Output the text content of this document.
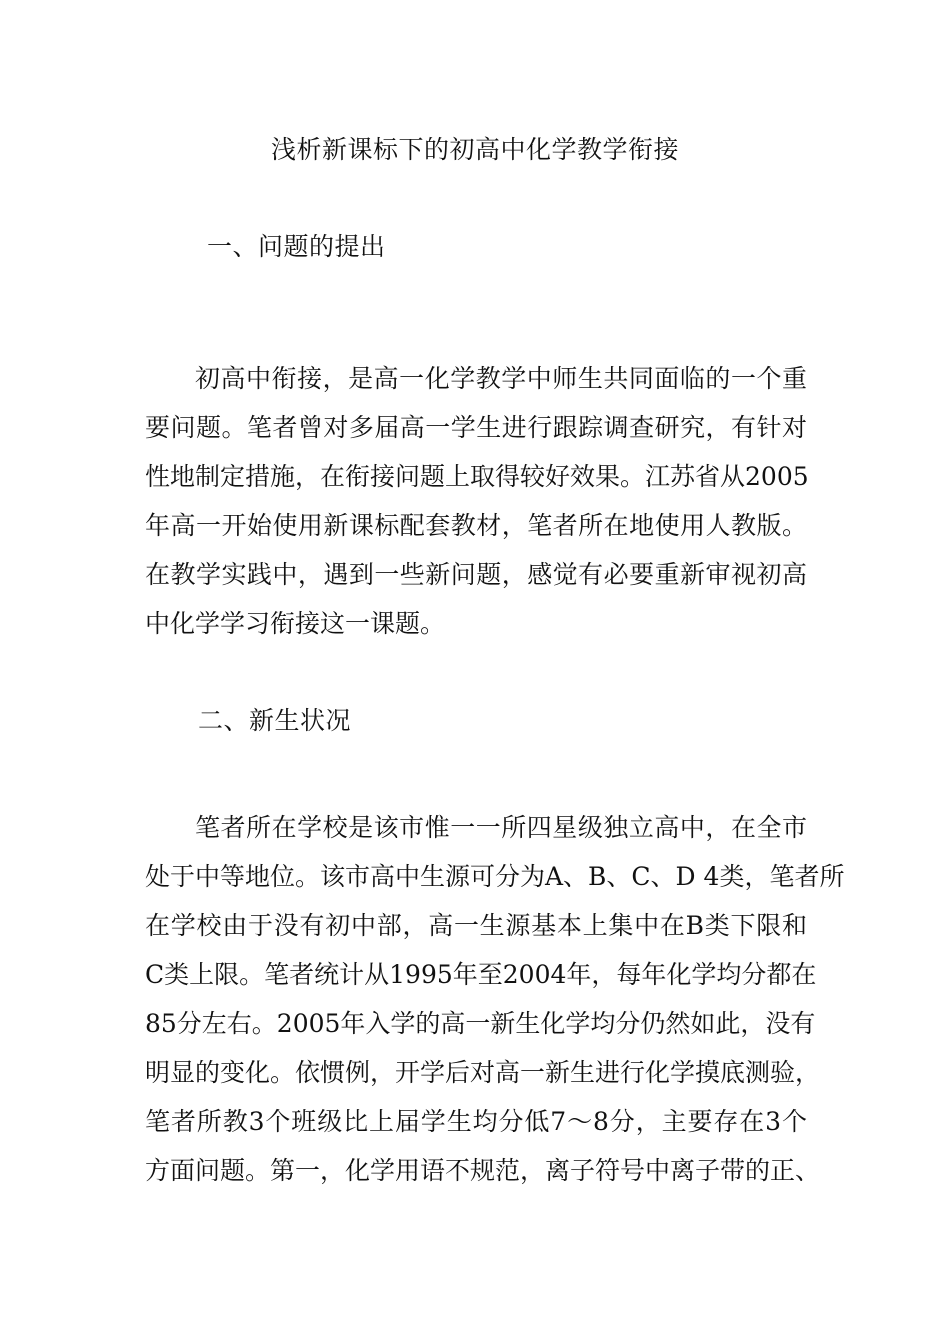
浅析新课标下的初高中化学教学衔接
一、问题的提出
初高中衔接，是高一化学教学中师生共同面临的一个重
要问题。笔者曾对多届高一学生进行跟踪调查研究，有针对
性地制定措施，在衔接问题上取得较好效果。江苏省从2005
年高一开始使用新课标配套教材，笔者所在地使用人教版。
在教学实践中，遇到一些新问题，感觉有必要重新审视初高
中化学学习衔接这一课题。
二、新生状况
笔者所在学校是该市惟一一所四星级独立高中，在全市
处于中等地位。该市高中生源可分为A、B、C、D 4类，笔者所
在学校由于没有初中部，高一生源基本上集中在B类下限和
C类上限。笔者统计从1995年至2004年，每年化学均分都在
85分左右。2005年入学的高一新生化学均分仍然如此，没有
明显的变化。依惯例，开学后对高一新生进行化学摸底测验，
笔者所教3个班级比上届学生均分低7～8分，主要存在3个
方面问题。第一，化学用语不规范，离子符号中离子带的正、
